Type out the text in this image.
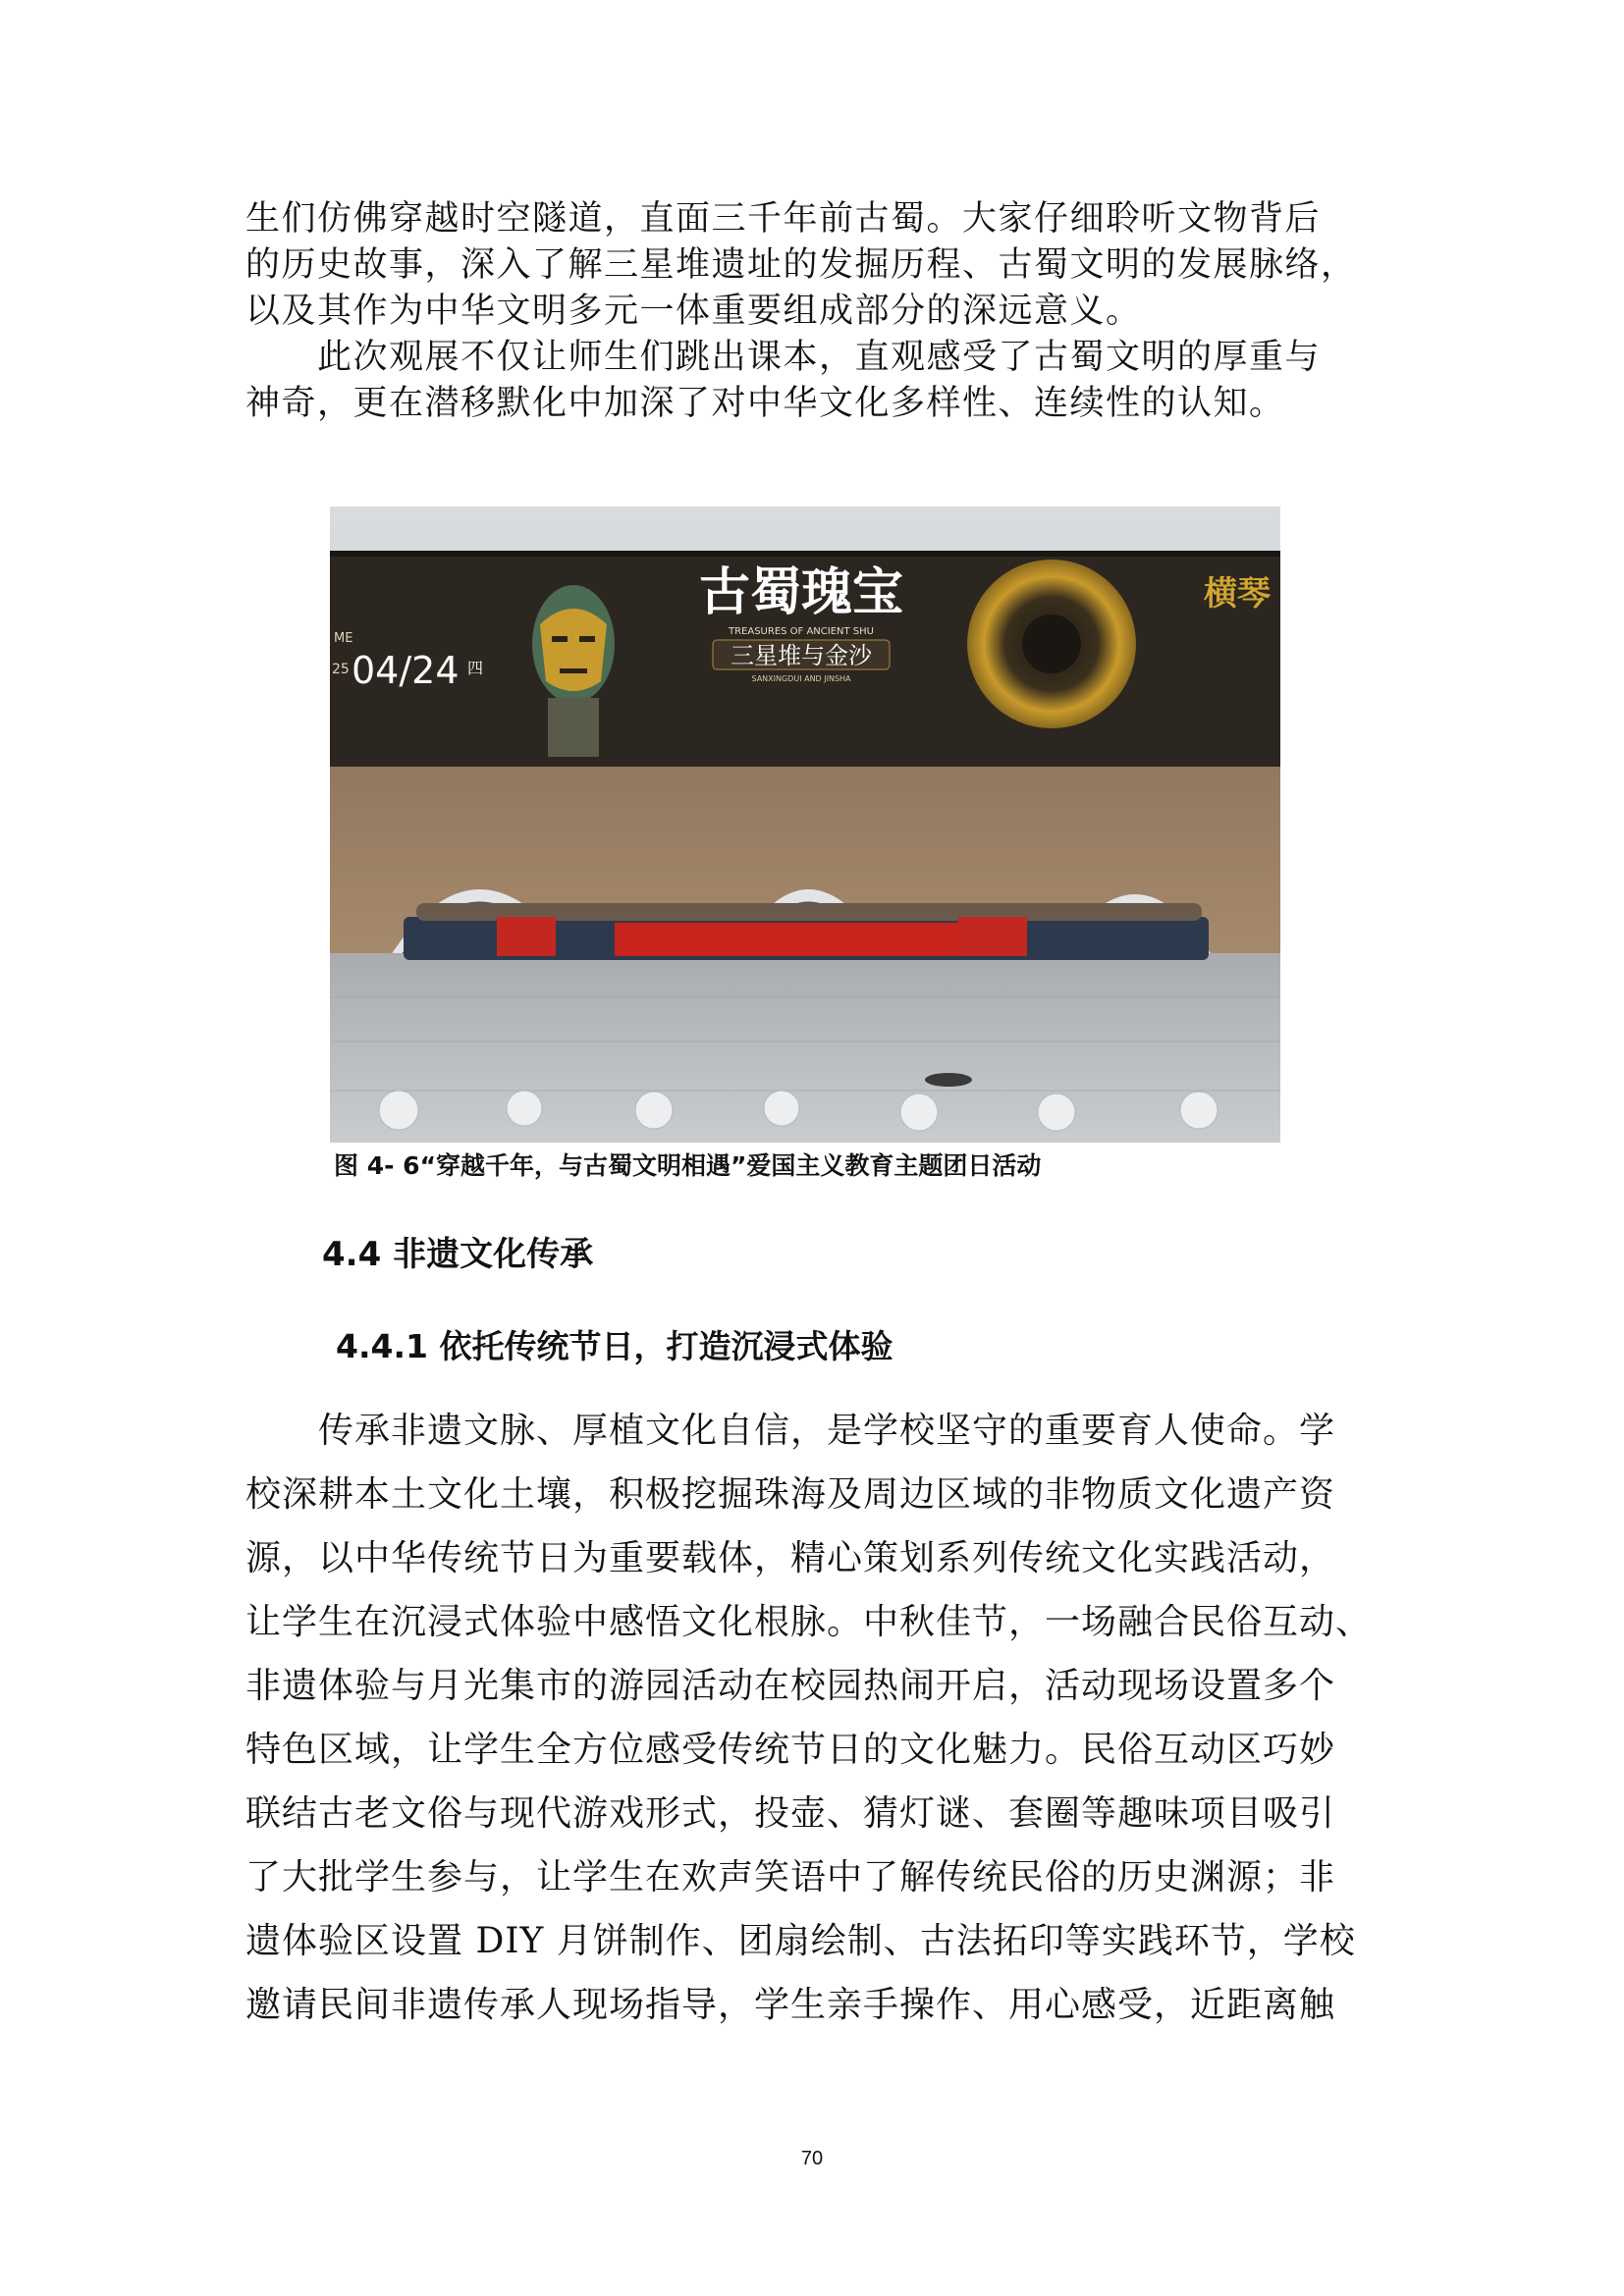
生们仿佛穿越时空隧道，直面三千年前古蜀。大家仔细聆听文物背后
的历史故事，深入了解三星堆遗址的发掘历程、古蜀文明的发展脉络，
以及其作为中华文明多元一体重要组成部分的深远意义。
　　此次观展不仅让师生们跳出课本，直观感受了古蜀文明的厚重与
神奇，更在潜移默化中加深了对中华文化多样性、连续性的认知。
古蜀瑰宝
TREASURES OF ANCIENT SHU
三星堆与金沙
SANXINGDUI AND JINSHA
ME
25 04/24 四
横琴
图 4- 6“穿越千年，与古蜀文明相遇”爱国主义教育主题团日活动
4.4 非遗文化传承
4.4.1 依托传统节日，打造沉浸式体验
　　传承非遗文脉、厚植文化自信，是学校坚守的重要育人使命。学
校深耕本土文化土壤，积极挖掘珠海及周边区域的非物质文化遗产资
源，以中华传统节日为重要载体，精心策划系列传统文化实践活动，
让学生在沉浸式体验中感悟文化根脉。中秋佳节，一场融合民俗互动、
非遗体验与月光集市的游园活动在校园热闹开启，活动现场设置多个
特色区域，让学生全方位感受传统节日的文化魅力。民俗互动区巧妙
联结古老文俗与现代游戏形式，投壶、猜灯谜、套圈等趣味项目吸引
了大批学生参与，让学生在欢声笑语中了解传统民俗的历史渊源；非
遗体验区设置 DIY 月饼制作、团扇绘制、古法拓印等实践环节，学校
邀请民间非遗传承人现场指导，学生亲手操作、用心感受，近距离触
70
